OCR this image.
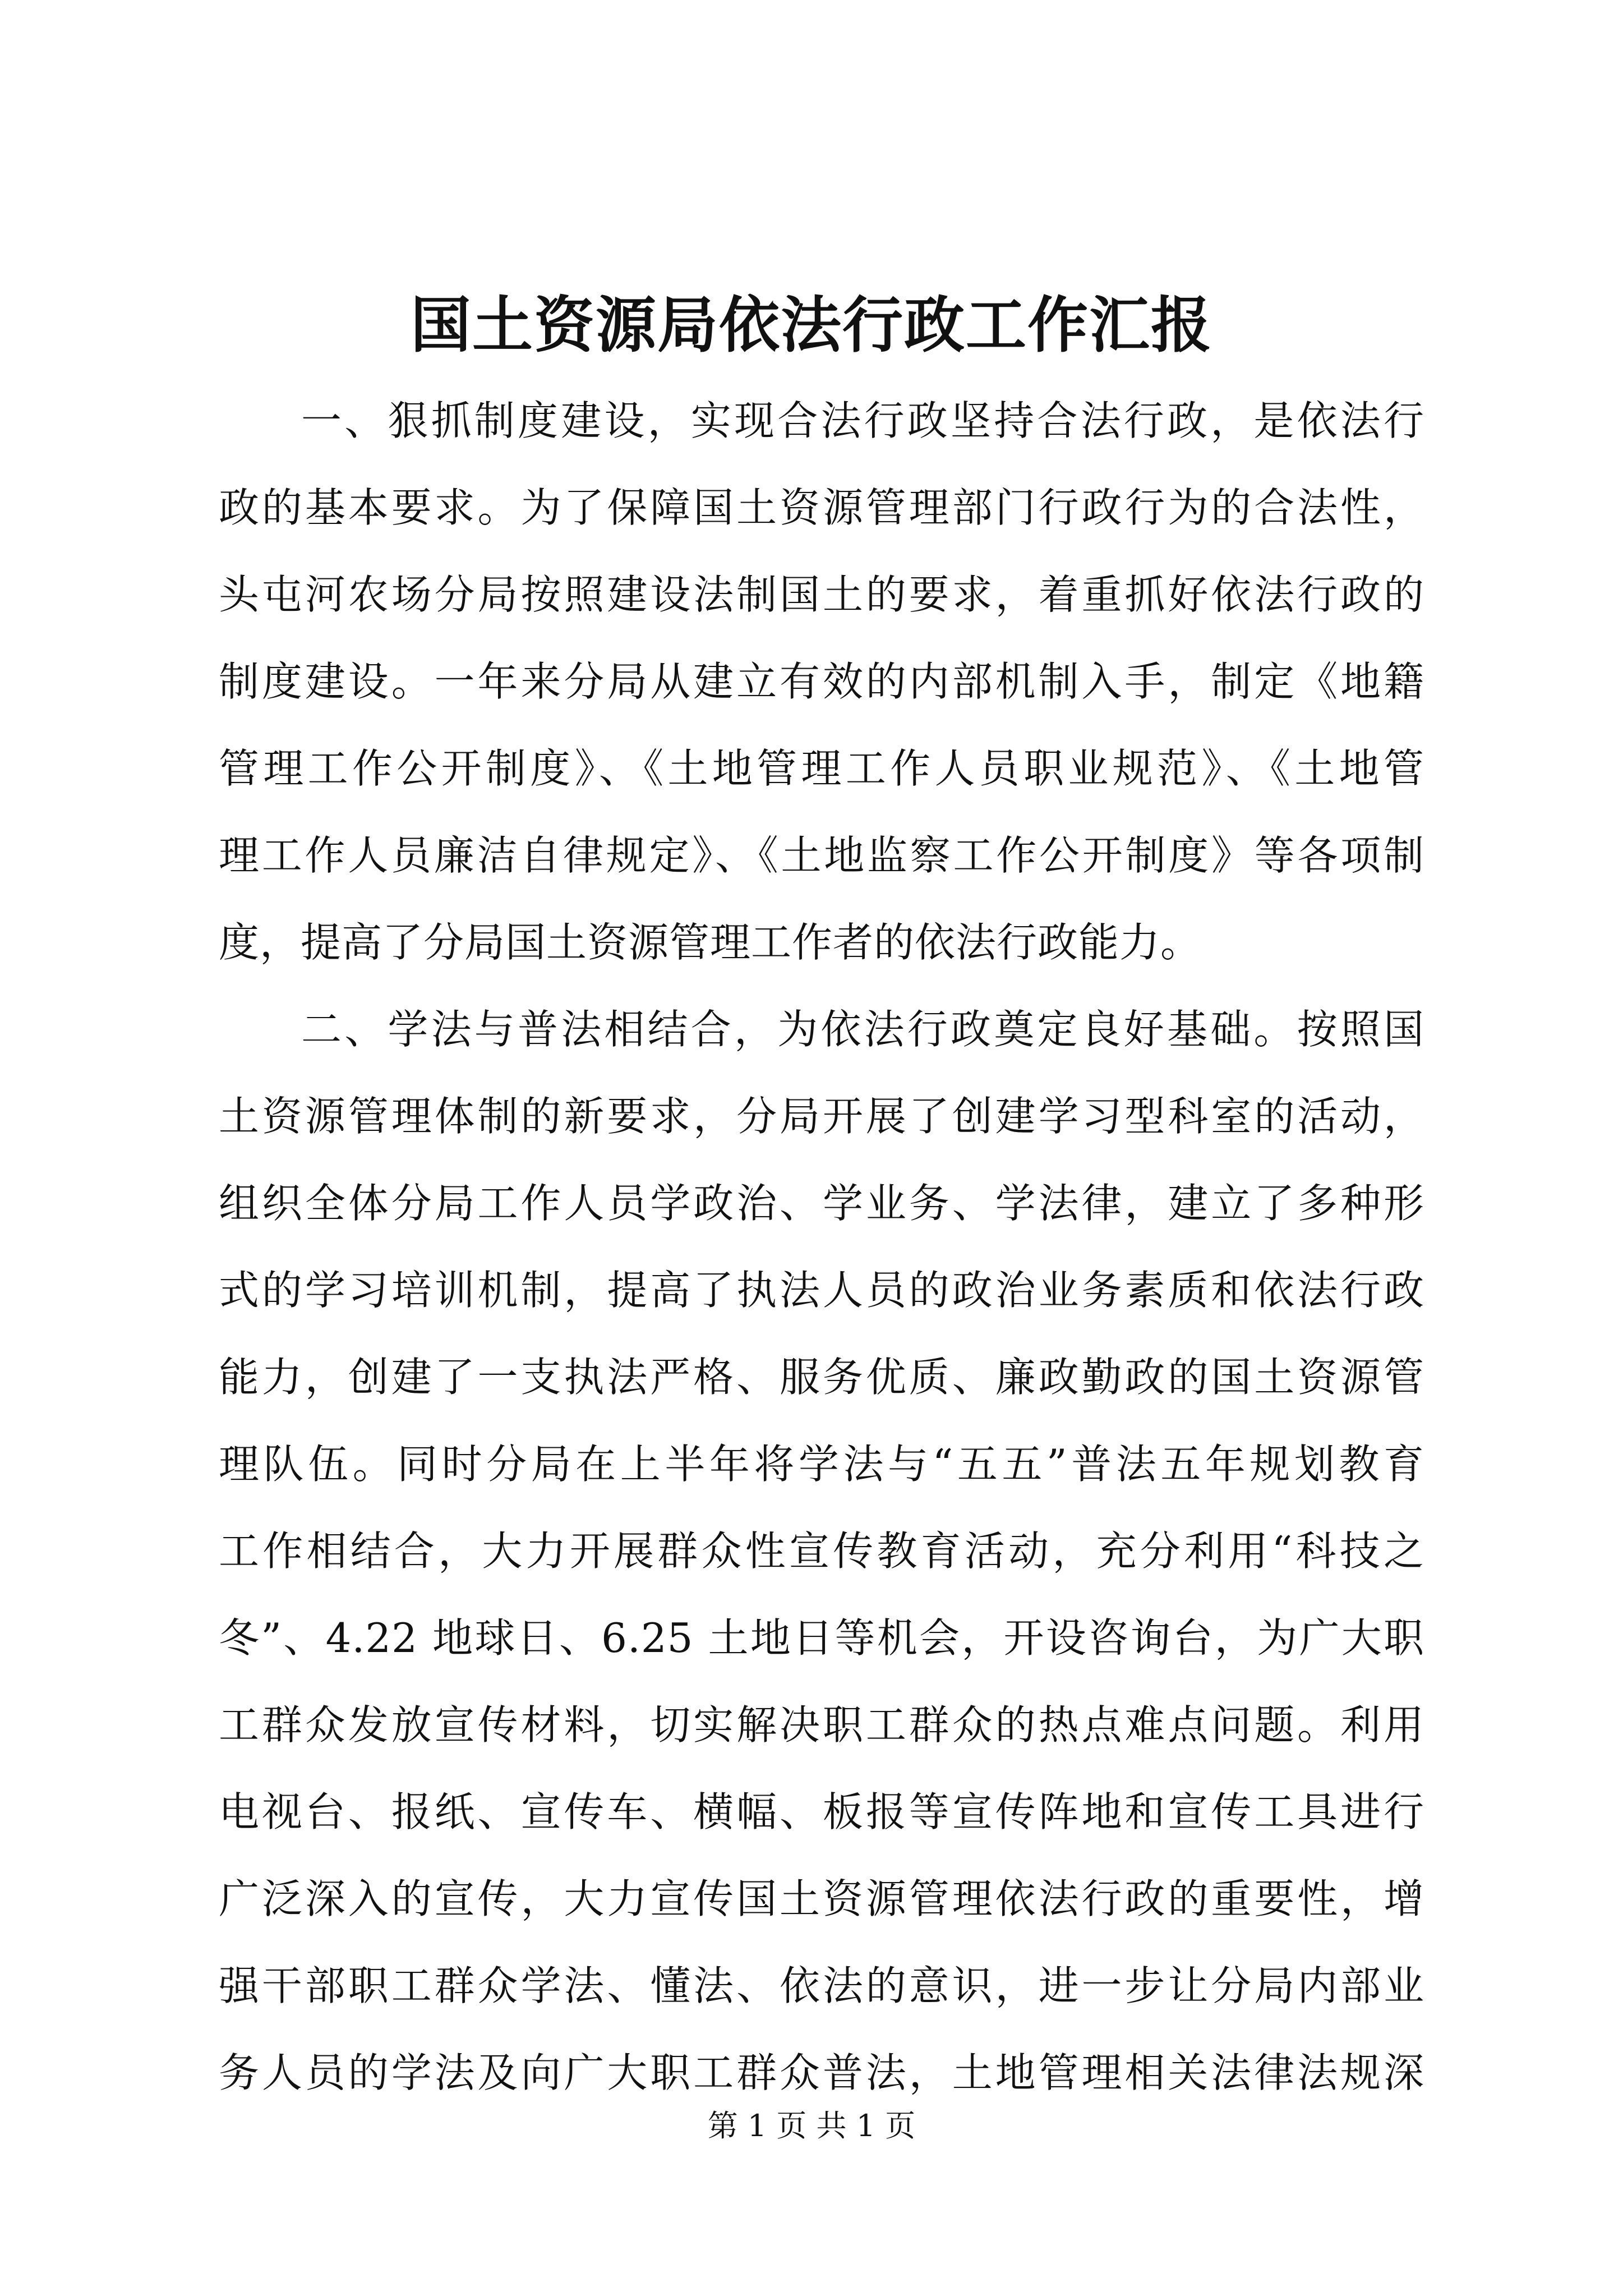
国土资源局依法行政工作汇报
一、狠抓制度建设，实现合法行政坚持合法行政，是依法行
政的基本要求。为了保障国土资源管理部门行政行为的合法性，
头屯河农场分局按照建设法制国土的要求，着重抓好依法行政的
制度建设。一年来分局从建立有效的内部机制入手，制定《地籍
管理工作公开制度》、《土地管理工作人员职业规范》、《土地管
理工作人员廉洁自律规定》、《土地监察工作公开制度》等各项制
度，提高了分局国土资源管理工作者的依法行政能力。
二、学法与普法相结合，为依法行政奠定良好基础。按照国
土资源管理体制的新要求，分局开展了创建学习型科室的活动，
组织全体分局工作人员学政治、学业务、学法律，建立了多种形
式的学习培训机制，提高了执法人员的政治业务素质和依法行政
能力，创建了一支执法严格、服务优质、廉政勤政的国土资源管
理队伍。同时分局在上半年将学法与“五五”普法五年规划教育
工作相结合，大力开展群众性宣传教育活动，充分利用“科技之
冬”、4.22 地球日、6.25 土地日等机会，开设咨询台，为广大职
工群众发放宣传材料，切实解决职工群众的热点难点问题。利用
电视台、报纸、宣传车、横幅、板报等宣传阵地和宣传工具进行
广泛深入的宣传，大力宣传国土资源管理依法行政的重要性，增
强干部职工群众学法、懂法、依法的意识，进一步让分局内部业
务人员的学法及向广大职工群众普法，土地管理相关法律法规深
第 1 页 共 1 页
